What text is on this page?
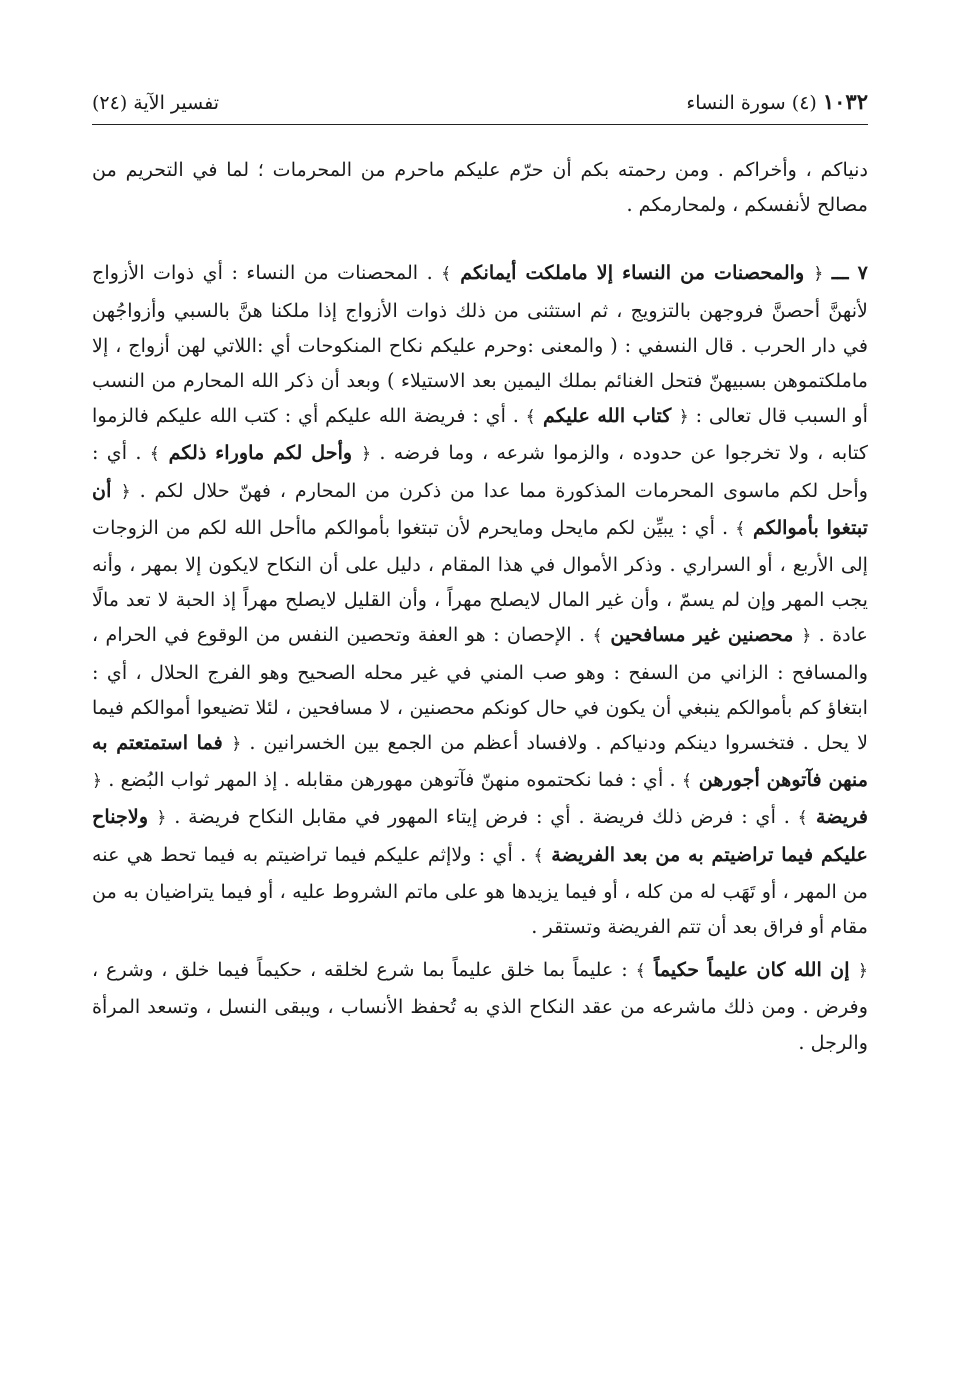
١٠٣٢ (٤) سورة النساء
تفسير الآية (٢٤)

دنياكم ، وأخراكم . ومن رحمته بكم أن حرّم عليكم ماحرم من المحرمات ؛ لما في التحريم من مصالح لأنفسكم ، ولمحارمكم .

٧ ـــ ﴿ والمحصنات من النساء إلا ماملكت أيمانكم ﴾ . المحصنات من النساء : أي ذوات الأزواج لأنهنَّ أحصنَّ فروجهن بالتزويج ، ثم استثنى من ذلك ذوات الأزواج إذا ملكنا هنَّ بالسبي وأزواجُهن في دار الحرب . قال النسفي : ( والمعنى :وحرم عليكم نكاح المنكوحات أي :اللاتي لهن أزواج ، إلا ماملكتموهن بسبيهنّ فتحل الغنائم بملك اليمين بعد الاستيلاء ) وبعد أن ذكر الله المحارم من النسب أو السبب قال تعالى : ﴿ كتاب الله عليكم ﴾ . أي : فريضة الله عليكم أي : كتب الله عليكم فالزموا كتابه ، ولا تخرجوا عن حدوده ، والزموا شرعه ، وما فرضه . ﴿ وأحل لكم ماوراء ذلكم ﴾ . أي : وأحل لكم ماسوى المحرمات المذكورة مما عدا من ذكرن من المحارم ، فهنّ حلال لكم . ﴿ أن تبتغوا بأموالكم ﴾ . أي : يبيِّن لكم مايحل ومايحرم لأن تبتغوا بأموالكم ماأحل الله لكم من الزوجات إلى الأربع ، أو السراري . وذكر الأموال في هذا المقام ، دليل على أن النكاح لايكون إلا بمهر ، وأنه يجب المهر وإن لم يسمّ ، وأن غير المال لايصلح مهراً ، وأن القليل لايصلح مهراً إذ الحبة لا تعد مالًا عادة . ﴿ محصنين غير مسافحين ﴾ . الإحصان : هو العفة وتحصين النفس من الوقوع في الحرام ، والمسافح : الزاني من السفح : وهو صب المني في غير محله الصحيح وهو الفرج الحلال ، أي : ابتغاؤ كم بأموالكم ينبغي أن يكون في حال كونكم محصنين ، لا مسافحين ، لئلا تضيعوا أموالكم فيما لا يحل . فتخسروا دينكم ودنياكم . ولافساد أعظم من الجمع بين الخسرانين . ﴿ فما استمتعتم به منهن فآتوهن أجورهن ﴾ . أي : فما نكحتموه منهنّ فآتوهن مهورهن مقابله . إذ المهر ثواب البُضع . ﴿ فريضة ﴾ . أي : فرض ذلك فريضة . أي : فرض إيتاء المهور في مقابل النكاح فريضة . ﴿ ولاجناح عليكم فيما تراضيتم به من بعد الفريضة ﴾ . أي : ولاإثم عليكم فيما تراضيتم به فيما تحط هي عنه من المهر ، أو تَهَب له من كله ، أو فيما يزيدها هو على ماتم الشروط عليه ، أو فيما يتراضيان به من مقام أو فراق بعد أن تتم الفريضة وتستقر .

﴿ إن الله كان عليماً حكيماً ﴾ : عليماً بما خلق عليماً بما شرع لخلقه ، حكيماً فيما خلق ، وشرع ، وفرض . ومن ذلك ماشرعه من عقد النكاح الذي به تُحفظ الأنساب ، ويبقى النسل ، وتسعد المرأة والرجل .
